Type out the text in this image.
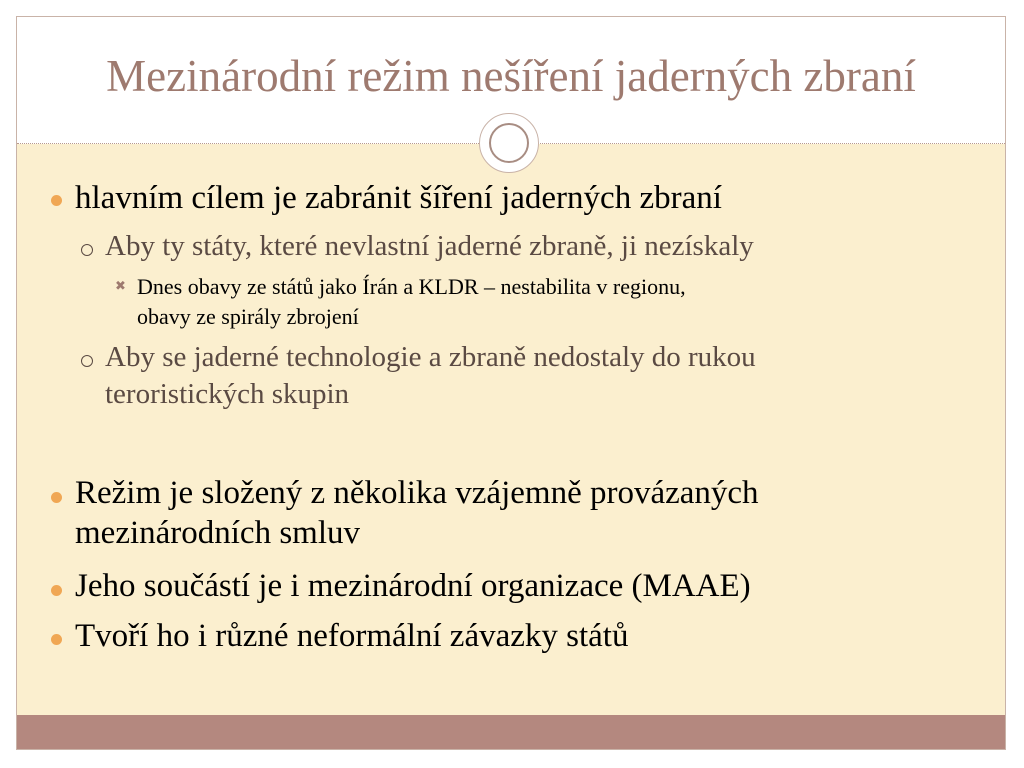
Mezinárodní režim nešíření jaderných zbraní
hlavním cílem je zabránit šíření jaderných zbraní
Aby ty státy, které nevlastní jaderné zbraně, ji nezískaly
✖ Dnes obavy ze států jako Írán a KLDR – nestabilita v regionu,
obavy ze spirály zbrojení
Aby se jaderné technologie a zbraně nedostaly do rukou
teroristických skupin
Režim je složený z několika vzájemně provázaných
mezinárodních smluv
Jeho součástí je i mezinárodní organizace (MAAE)
Tvoří ho i různé neformální závazky států
